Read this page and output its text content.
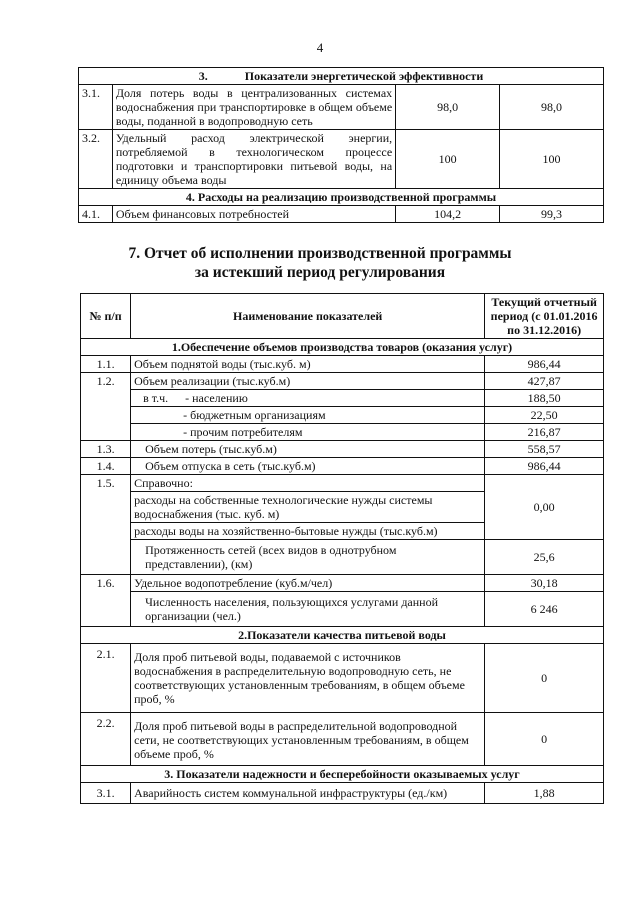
4
3. Показатели энергетической эффективности			
3.1.	Доля потерь воды в централизованных системах водоснабжения при транспортировке в общем объеме воды, поданной в водопроводную сеть	98,0	98,0
3.2.	Удельный расход электрической энергии, потребляемой в технологическом процессе подготовки и транспортировки питьевой воды, на единицу объема воды	100	100
4. Расходы на реализацию производственной программы			
4.1.	Объем финансовых потребностей	104,2	99,3
7. Отчет об исполнении производственной программы
за истекший период регулирования
№ п/п	Наименование показателей	Текущий отчетный период (с 01.01.2016 по 31.12.2016)
1.Обеспечение объемов производства товаров (оказания услуг)		
1.1.	Объем поднятой воды (тыс.куб. м)	986,44
1.2.	Объем реализации (тыс.куб.м)	427,87
	в т.ч. - населению	188,50
	- бюджетным организациям	22,50
	- прочим потребителям	216,87
1.3.	Объем потерь (тыс.куб.м)	558,57
1.4.	Объем отпуска в сеть (тыс.куб.м)	986,44
1.5.	Справочно:	0,00
	расходы на собственные технологические нужды системы водоснабжения (тыс. куб. м)	
	расходы воды на хозяйственно-бытовые нужды (тыс.куб.м)	
	Протяженность сетей (всех видов в однотрубном представлении), (км)	25,6
1.6.	Удельное водопотребление (куб.м/чел)	30,18
	Численность населения, пользующихся услугами данной организации (чел.)	6 246
2.Показатели качества питьевой воды		
2.1.	Доля проб питьевой воды, подаваемой с источников водоснабжения в распределительную водопроводную сеть, не соответствующих установленным требованиям, в общем объеме проб, %	0
2.2.	Доля проб питьевой воды в распределительной водопроводной сети, не соответствующих установленным требованиям, в общем объеме проб, %	0
3. Показатели надежности и бесперебойности оказываемых услуг		
3.1.	Аварийность систем коммунальной инфраструктуры (ед./км)	1,88
